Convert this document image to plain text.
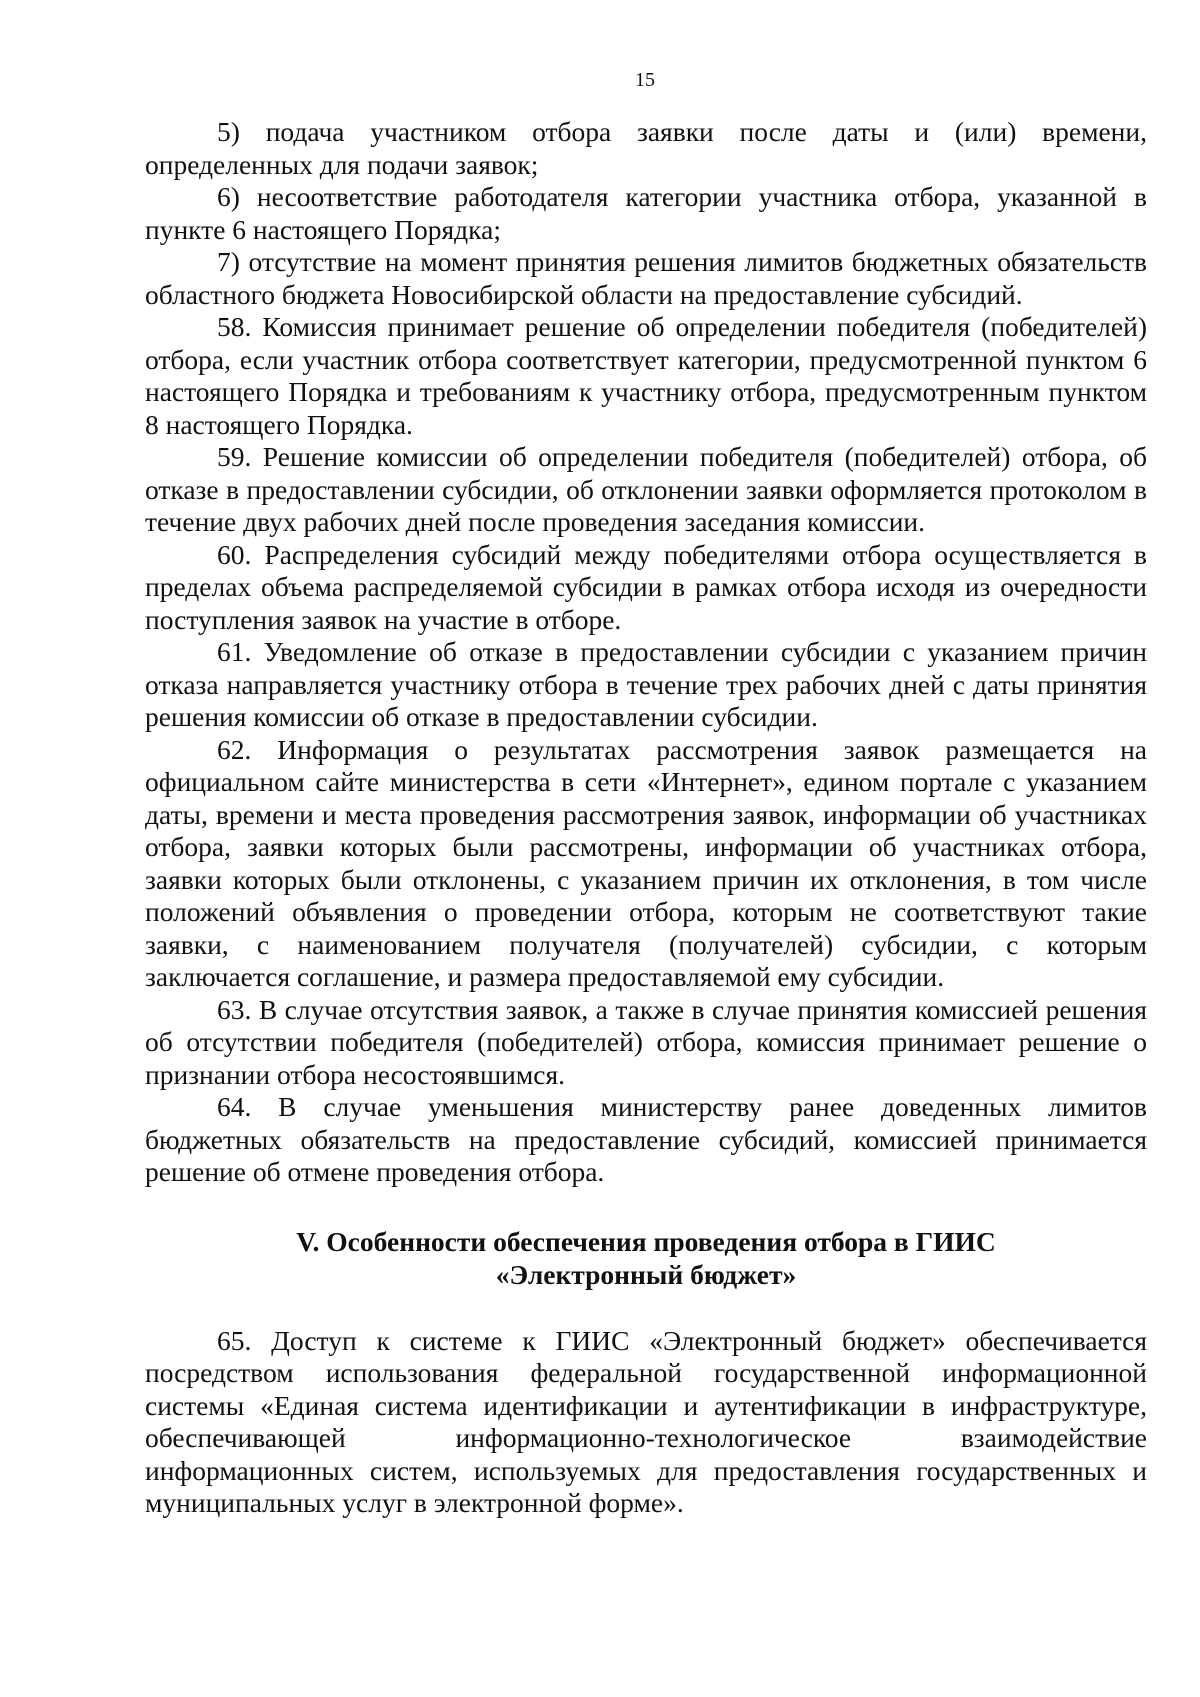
15

5) подача участником отбора заявки после даты и (или) времени, определенных для подачи заявок;

6) несоответствие работодателя категории участника отбора, указанной в пункте 6 настоящего Порядка;

7) отсутствие на момент принятия решения лимитов бюджетных обязательств областного бюджета Новосибирской области на предоставление субсидий.

58. Комиссия принимает решение об определении победителя (победителей) отбора, если участник отбора соответствует категории, предусмотренной пунктом 6 настоящего Порядка и требованиям к участнику отбора, предусмотренным пунктом 8 настоящего Порядка.

59. Решение комиссии об определении победителя (победителей) отбора, об отказе в предоставлении субсидии, об отклонении заявки оформляется протоколом в течение двух рабочих дней после проведения заседания комиссии.

60. Распределения субсидий между победителями отбора осуществляется в пределах объема распределяемой субсидии в рамках отбора исходя из очередности поступления заявок на участие в отборе.

61. Уведомление об отказе в предоставлении субсидии с указанием причин отказа направляется участнику отбора в течение трех рабочих дней с даты принятия решения комиссии об отказе в предоставлении субсидии.

62. Информация о результатах рассмотрения заявок размещается на официальном сайте министерства в сети «Интернет», едином портале с указанием даты, времени и места проведения рассмотрения заявок, информации об участниках отбора, заявки которых были рассмотрены, информации об участниках отбора, заявки которых были отклонены, с указанием причин их отклонения, в том числе положений объявления о проведении отбора, которым не соответствуют такие заявки, с наименованием получателя (получателей) субсидии, с которым заключается соглашение, и размера предоставляемой ему субсидии.

63. В случае отсутствия заявок, а также в случае принятия комиссией решения об отсутствии победителя (победителей) отбора, комиссия принимает решение о признании отбора несостоявшимся.

64. В случае уменьшения министерству ранее доведенных лимитов бюджетных обязательств на предоставление субсидий, комиссией принимается решение об отмене проведения отбора.

V. Особенности обеспечения проведения отбора в ГИИС
«Электронный бюджет»

65. Доступ к системе к ГИИС «Электронный бюджет» обеспечивается посредством использования федеральной государственной информационной системы «Единая система идентификации и аутентификации в инфраструктуре, обеспечивающей информационно-технологическое взаимодействие информационных систем, используемых для предоставления государственных и муниципальных услуг в электронной форме».
